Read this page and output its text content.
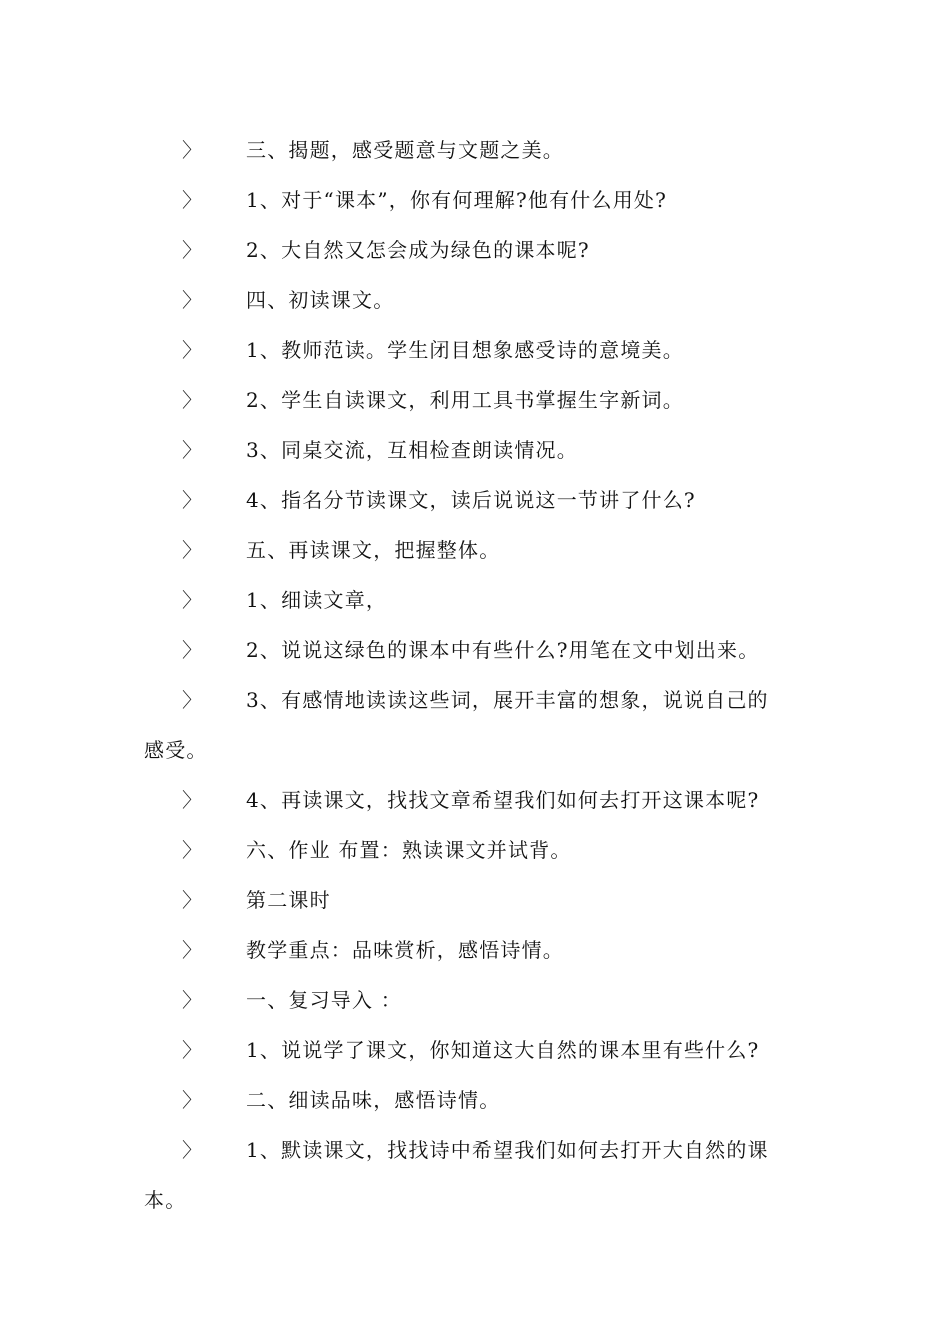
〉 三、揭题，感受题意与文题之美。
〉 1、对于“课本”，你有何理解?他有什么用处?
〉 2、大自然又怎会成为绿色的课本呢?
〉 四、初读课文。
〉 1、教师范读。学生闭目想象感受诗的意境美。
〉 2、学生自读课文，利用工具书掌握生字新词。
〉 3、同桌交流，互相检查朗读情况。
〉 4、指名分节读课文，读后说说这一节讲了什么?
〉 五、再读课文，把握整体。
〉 1、细读文章，
〉 2、说说这绿色的课本中有些什么?用笔在文中划出来。
〉 3、有感情地读读这些词，展开丰富的想象，说说自己的
感受。
〉 4、再读课文，找找文章希望我们如何去打开这课本呢?
〉 六、作业 布置：熟读课文并试背。
〉 第二课时
〉 教学重点：品味赏析，感悟诗情。
〉 一、复习导入 ：
〉 1、说说学了课文，你知道这大自然的课本里有些什么?
〉 二、细读品味，感悟诗情。
〉 1、默读课文，找找诗中希望我们如何去打开大自然的课
本。
